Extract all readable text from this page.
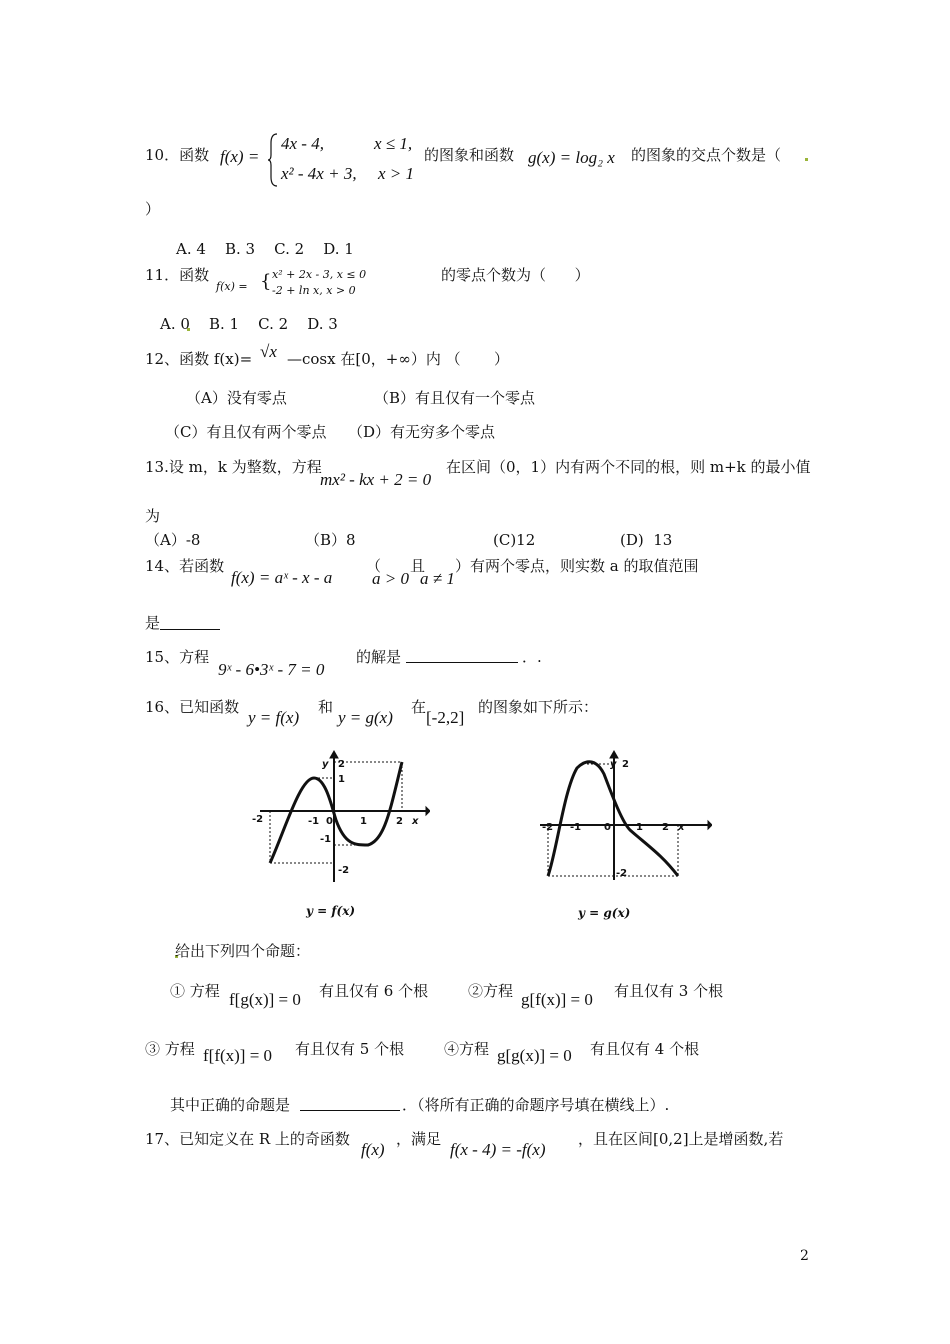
10．函数 f(x) =
4x - 4,	x ≤ 1,
x² - 4x + 3, x > 1
的图象和函数 g(x) = log₂ x 的图象的交点个数是（
）
A. 4    B. 3    C. 2    D. 1
11．函数
f(x) = { x² + 2x - 3, x ≤ 0
-2 + ln x, x > 0
的零点个数为（      ）
A. 0    B. 1    C. 2    D. 3
12、函数 f(x)= √x —cosx 在[0，+∞）内 （       ）
（A）没有零点	（B）有且仅有一个零点
（C）有且仅有两个零点 （D）有无穷多个零点
13.设 m，k 为整数，方程
mx² - kx + 2 = 0
在区间（0，1）内有两个不同的根，则 m+k 的最小值
为
（A）-8	（B）8	(C)12	(D)  13
14、若函数
f(x) = aˣ - x - a
（
a > 0
且
a ≠ 1
）有两个零点，则实数 a 的取值范围
是
15、方程
9ˣ - 6•3ˣ - 7 = 0
的解是	．.
16、已知函数
y = f(x)
和
y = g(x)
在
[-2,2]
的图象如下所示：
-2	-1 0	1	2 x
y 2
1
-1
-2
y = f(x)
-2 -1 0	1 2 x
y 2
-2
y = g(x)
给出下列四个命题：
① 方程 f[g(x)] = 0 有且仅有 6 个根	②方程 g[f(x)] = 0 有且仅有 3 个根
③ 方程 f[f(x)] = 0 有且仅有 5 个根	④方程 g[g(x)] = 0 有且仅有 4 个根
其中正确的命题是	．（将所有正确的命题序号填在横线上）.
17、已知定义在 R 上的奇函数
f(x)
，满足
f(x - 4) = -f(x)
，且在区间[0,2]上是增函数,若
2
